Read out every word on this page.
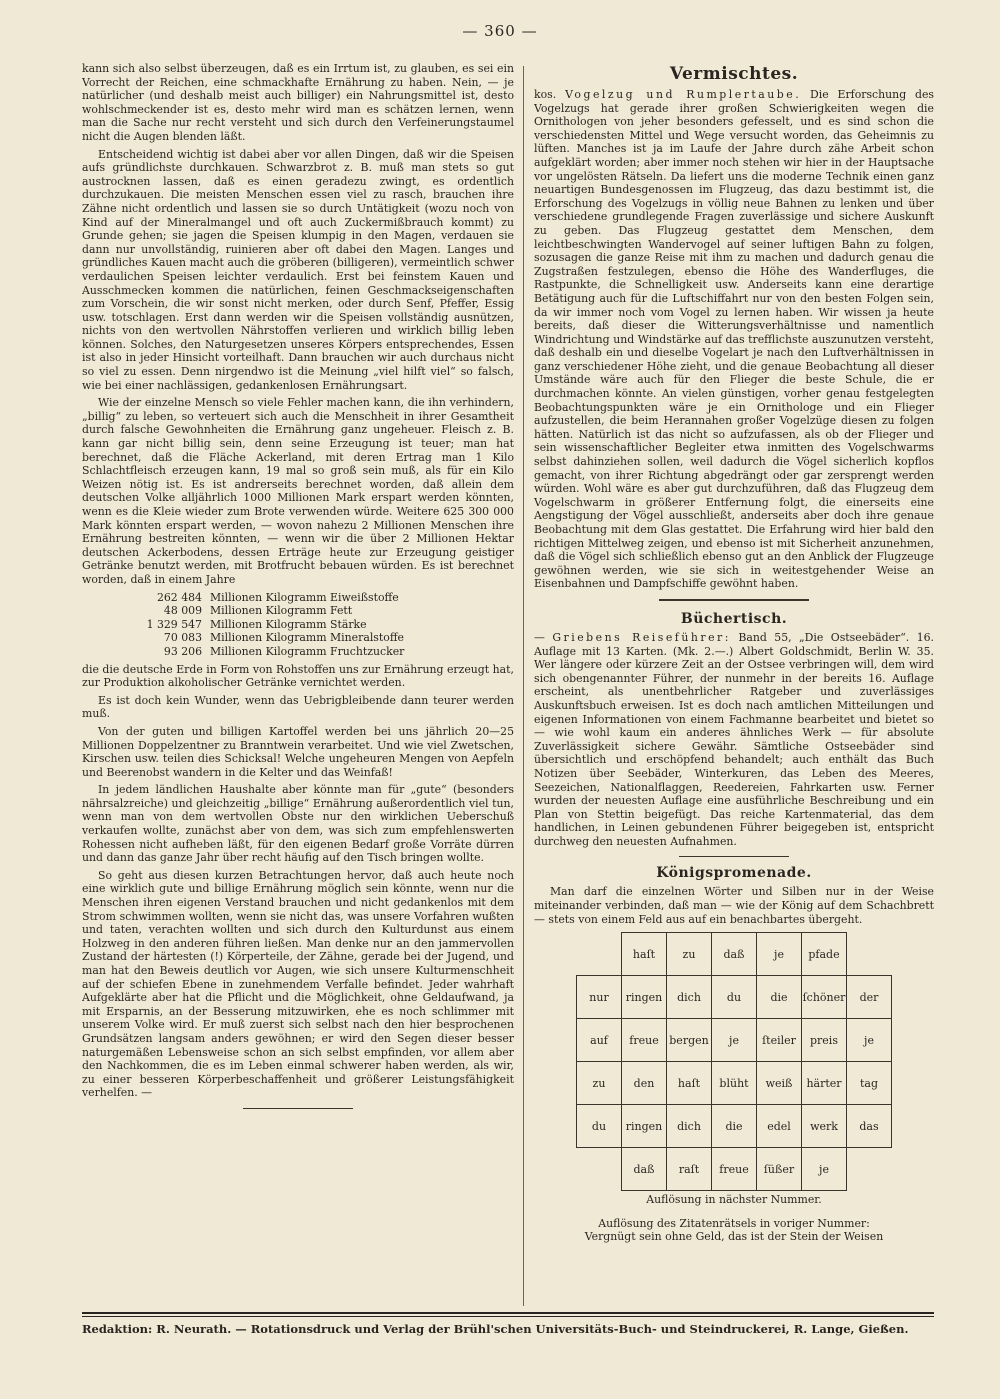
— 360 —

kann sich also selbst überzeugen, daß es ein Irrtum ist, zu glauben, es sei ein Vorrecht der Reichen, eine schmackhafte Ernährung zu haben. Nein, — je natürlicher (und deshalb meist auch billiger) ein Nahrungsmittel ist, desto wohlschmeckender ist es, desto mehr wird man es schätzen lernen, wenn man die Sache nur recht versteht und sich durch den Verfeinerungstaumel nicht die Augen blenden läßt.

Entscheidend wichtig ist dabei aber vor allen Dingen, daß wir die Speisen aufs gründlichste durchkauen. Schwarzbrot z. B. muß man stets so gut austrocknen lassen, daß es einen geradezu zwingt, es ordentlich durchzukauen. Die meisten Menschen essen viel zu rasch, brauchen ihre Zähne nicht ordentlich und lassen sie so durch Untätigkeit (wozu noch von Kind auf der Mineralmangel und oft auch Zuckermißbrauch kommt) zu Grunde gehen; sie jagen die Speisen klumpig in den Magen, verdauen sie dann nur unvollständig, ruinieren aber oft dabei den Magen. Langes und gründliches Kauen macht auch die gröberen (billigeren), vermeintlich schwer verdaulichen Speisen leichter verdaulich. Erst bei feinstem Kauen und Ausschmecken kommen die natürlichen, feinen Geschmackseigenschaften zum Vorschein, die wir sonst nicht merken, oder durch Senf, Pfeffer, Essig usw. totschlagen. Erst dann werden wir die Speisen vollständig ausnützen, nichts von den wertvollen Nährstoffen verlieren und wirklich billig leben können. Solches, den Naturgesetzen unseres Körpers entsprechendes, Essen ist also in jeder Hinsicht vorteilhaft. Dann brauchen wir auch durchaus nicht so viel zu essen. Denn nirgendwo ist die Meinung „viel hilft viel“ so falsch, wie bei einer nachlässigen, gedankenlosen Ernährungsart.

Wie der einzelne Mensch so viele Fehler machen kann, die ihn verhindern, „billig“ zu leben, so verteuert sich auch die Menschheit in ihrer Gesamtheit durch falsche Gewohnheiten die Ernährung ganz ungeheuer. Fleisch z. B. kann gar nicht billig sein, denn seine Erzeugung ist teuer; man hat berechnet, daß die Fläche Ackerland, mit deren Ertrag man 1 Kilo Schlachtfleisch erzeugen kann, 19 mal so groß sein muß, als für ein Kilo Weizen nötig ist. Es ist andrerseits berechnet worden, daß allein dem deutschen Volke alljährlich 1000 Millionen Mark erspart werden könnten, wenn es die Kleie wieder zum Brote verwenden würde. Weitere 625 300 000 Mark könnten erspart werden, — wovon nahezu 2 Millionen Menschen ihre Ernährung bestreiten könnten, — wenn wir die über 2 Millionen Hektar deutschen Ackerbodens, dessen Erträge heute zur Erzeugung geistiger Getränke benutzt werden, mit Brotfrucht bebauen würden. Es ist berechnet worden, daß in einem Jahre

262 484 Millionen Kilogramm Eiweißstoffe
48 009 Millionen Kilogramm Fett
1 329 547 Millionen Kilogramm Stärke
70 083 Millionen Kilogramm Mineralstoffe
93 206 Millionen Kilogramm Fruchtzucker

die die deutsche Erde in Form von Rohstoffen uns zur Ernährung erzeugt hat, zur Produktion alkoholischer Getränke vernichtet werden.

Es ist doch kein Wunder, wenn das Uebrigbleibende dann teurer werden muß.

Von der guten und billigen Kartoffel werden bei uns jährlich 20—25 Millionen Doppelzentner zu Branntwein verarbeitet. Und wie viel Zwetschen, Kirschen usw. teilen dies Schicksal! Welche ungeheuren Mengen von Aepfeln und Beerenobst wandern in die Kelter und das Weinfaß!

In jedem ländlichen Haushalte aber könnte man für „gute“ (besonders nährsalzreiche) und gleichzeitig „billige“ Ernährung außerordentlich viel tun, wenn man von dem wertvollen Obste nur den wirklichen Ueberschuß verkaufen wollte, zunächst aber von dem, was sich zum empfehlenswerten Rohessen nicht aufheben läßt, für den eigenen Bedarf große Vorräte dürren und dann das ganze Jahr über recht häufig auf den Tisch bringen wollte.

So geht aus diesen kurzen Betrachtungen hervor, daß auch heute noch eine wirklich gute und billige Ernährung möglich sein könnte, wenn nur die Menschen ihren eigenen Verstand brauchen und nicht gedankenlos mit dem Strom schwimmen wollten, wenn sie nicht das, was unsere Vorfahren wußten und taten, verachten wollten und sich durch den Kulturdunst aus einem Holzweg in den anderen führen ließen. Man denke nur an den jammervollen Zustand der härtesten (!) Körperteile, der Zähne, gerade bei der Jugend, und man hat den Beweis deutlich vor Augen, wie sich unsere Kulturmenschheit auf der schiefen Ebene in zunehmendem Verfalle befindet. Jeder wahrhaft Aufgeklärte aber hat die Pflicht und die Möglichkeit, ohne Geldaufwand, ja mit Ersparnis, an der Besserung mitzuwirken, ehe es noch schlimmer mit unserem Volke wird. Er muß zuerst sich selbst nach den hier besprochenen Grundsätzen langsam anders gewöhnen; er wird den Segen dieser besser naturgemäßen Lebensweise schon an sich selbst empfinden, vor allem aber den Nachkommen, die es im Leben einmal schwerer haben werden, als wir, zu einer besseren Körperbeschaffenheit und größerer Leistungsfähigkeit verhelfen. —

Vermischtes.

kos. Vogelzug und Rumplertaube. Die Erforschung des Vogelzugs hat gerade ihrer großen Schwierigkeiten wegen die Ornithologen von jeher besonders gefesselt, und es sind schon die verschiedensten Mittel und Wege versucht worden, das Geheimnis zu lüften. Manches ist ja im Laufe der Jahre durch zähe Arbeit schon aufgeklärt worden; aber immer noch stehen wir hier in der Hauptsache vor ungelösten Rätseln. Da liefert uns die moderne Technik einen ganz neuartigen Bundesgenossen im Flugzeug, das dazu bestimmt ist, die Erforschung des Vogelzugs in völlig neue Bahnen zu lenken und über verschiedene grundlegende Fragen zuverlässige und sichere Auskunft zu geben. Das Flugzeug gestattet dem Menschen, dem leichtbeschwingten Wandervogel auf seiner luftigen Bahn zu folgen, sozusagen die ganze Reise mit ihm zu machen und dadurch genau die Zugstraßen festzulegen, ebenso die Höhe des Wanderfluges, die Rastpunkte, die Schnelligkeit usw. Anderseits kann eine derartige Betätigung auch für die Luftschiffahrt nur von den besten Folgen sein, da wir immer noch vom Vogel zu lernen haben. Wir wissen ja heute bereits, daß dieser die Witterungsverhältnisse und namentlich Windrichtung und Windstärke auf das trefflichste auszunutzen versteht, daß deshalb ein und dieselbe Vogelart je nach den Luftverhältnissen in ganz verschiedener Höhe zieht, und die genaue Beobachtung all dieser Umstände wäre auch für den Flieger die beste Schule, die er durchmachen könnte. An vielen günstigen, vorher genau festgelegten Beobachtungspunkten wäre je ein Ornithologe und ein Flieger aufzustellen, die beim Herannahen großer Vogelzüge diesen zu folgen hätten. Natürlich ist das nicht so aufzufassen, als ob der Flieger und sein wissenschaftlicher Begleiter etwa inmitten des Vogelschwarms selbst dahinziehen sollen, weil dadurch die Vögel sicherlich kopflos gemacht, von ihrer Richtung abgedrängt oder gar zersprengt werden würden. Wohl wäre es aber gut durchzuführen, daß das Flugzeug dem Vogelschwarm in größerer Entfernung folgt, die einerseits eine Aengstigung der Vögel ausschließt, anderseits aber doch ihre genaue Beobachtung mit dem Glas gestattet. Die Erfahrung wird hier bald den richtigen Mittelweg zeigen, und ebenso ist mit Sicherheit anzunehmen, daß die Vögel sich schließlich ebenso gut an den Anblick der Flugzeuge gewöhnen werden, wie sie sich in weitestgehender Weise an Eisenbahnen und Dampfschiffe gewöhnt haben.

Büchertisch.

— Griebens Reiseführer: Band 55, „Die Ostseebäder“. 16. Auflage mit 13 Karten. (Mk. 2.—.) Albert Goldschmidt, Berlin W. 35. Wer längere oder kürzere Zeit an der Ostsee verbringen will, dem wird sich obengenannter Führer, der nunmehr in der bereits 16. Auflage erscheint, als unentbehrlicher Ratgeber und zuverlässiges Auskunftsbuch erweisen. Ist es doch nach amtlichen Mitteilungen und eigenen Informationen von einem Fachmanne bearbeitet und bietet so — wie wohl kaum ein anderes ähnliches Werk — für absolute Zuverlässigkeit sichere Gewähr. Sämtliche Ostseebäder sind übersichtlich und erschöpfend behandelt; auch enthält das Buch Notizen über Seebäder, Winterkuren, das Leben des Meeres, Seezeichen, Nationalflaggen, Reedereien, Fahrkarten usw. Ferner wurden der neuesten Auflage eine ausführliche Beschreibung und ein Plan von Stettin beigefügt. Das reiche Kartenmaterial, das dem handlichen, in Leinen gebundenen Führer beigegeben ist, entspricht durchweg den neuesten Aufnahmen.

Königspromenade.

Man darf die einzelnen Wörter und Silben nur in der Weise miteinander verbinden, daß man — wie der König auf dem Schachbrett — stets von einem Feld aus auf ein benachbartes übergeht.

	haſt	zu	daß	je	pfade	
nur	ringen	dich	du	die	ſchöner	der
auf	freue	bergen	je	ſteiler	preis	je
zu	den	haſt	blüht	weiß	härter	tag
du	ringen	dich	die	edel	werk	das
	daß	raſt	freue	ſüßer	je	
Auflösung in nächster Nummer.
Auflösung des Zitatenrätsels in voriger Nummer:
Vergnügt sein ohne Geld, das ist der Stein der Weisen
Redaktion: R. Neurath. — Rotationsdruck und Verlag der Brühl'schen Universitäts-Buch- und Steindruckerei, R. Lange, Gießen.
